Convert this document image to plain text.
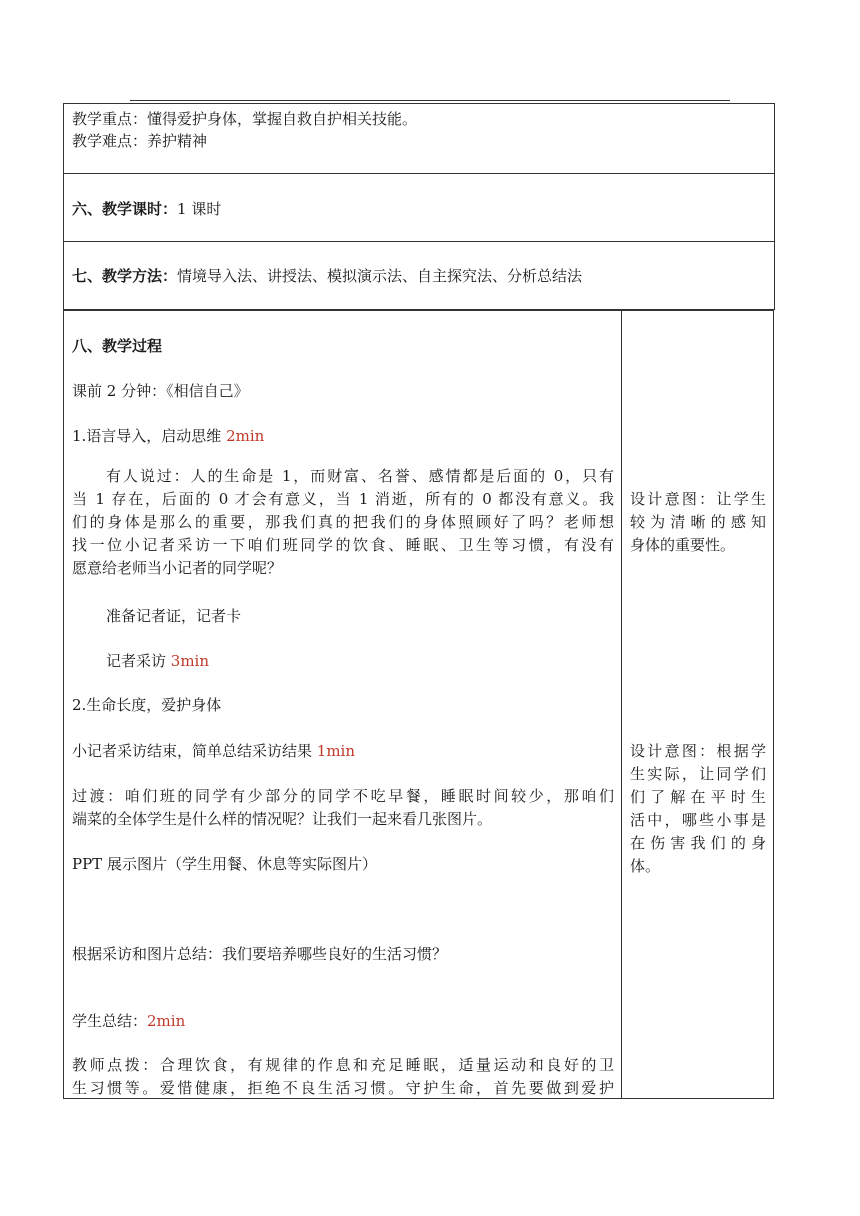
教学重点：懂得爱护身体，掌握自救自护相关技能。
教学难点：养护精神
六、教学课时：1 课时
七、教学方法：情境导入法、讲授法、模拟演示法、自主探究法、分析总结法
八、教学过程
课前 2 分钟：《相信自己》
1.语言导入，启动思维 2min
有人说过：人的生命是 1，而财富、名誉、感情都是后面的 0，只有
当 1 存在，后面的 0 才会有意义，当 1 消逝，所有的 0 都没有意义。我
们的身体是那么的重要，那我们真的把我们的身体照顾好了吗？老师想
找一位小记者采访一下咱们班同学的饮食、睡眠、卫生等习惯，有没有
愿意给老师当小记者的同学呢？
准备记者证，记者卡
记者采访 3min
2.生命长度，爱护身体
小记者采访结束，简单总结采访结果 1min
过渡：咱们班的同学有少部分的同学不吃早餐，睡眠时间较少，那咱们
端菜的全体学生是什么样的情况呢？让我们一起来看几张图片。
PPT 展示图片（学生用餐、休息等实际图片）
根据采访和图片总结：我们要培养哪些良好的生活习惯？
学生总结：2min
教师点拨：合理饮食，有规律的作息和充足睡眠，适量运动和良好的卫
生习惯等。爱惜健康，拒绝不良生活习惯。守护生命，首先要做到爱护
设计意图：让学生
较为清晰的感知
身体的重要性。
设计意图：根据学
生实际，让同学们
们了解在平时生
活中，哪些小事是
在伤害我们的身
体。
